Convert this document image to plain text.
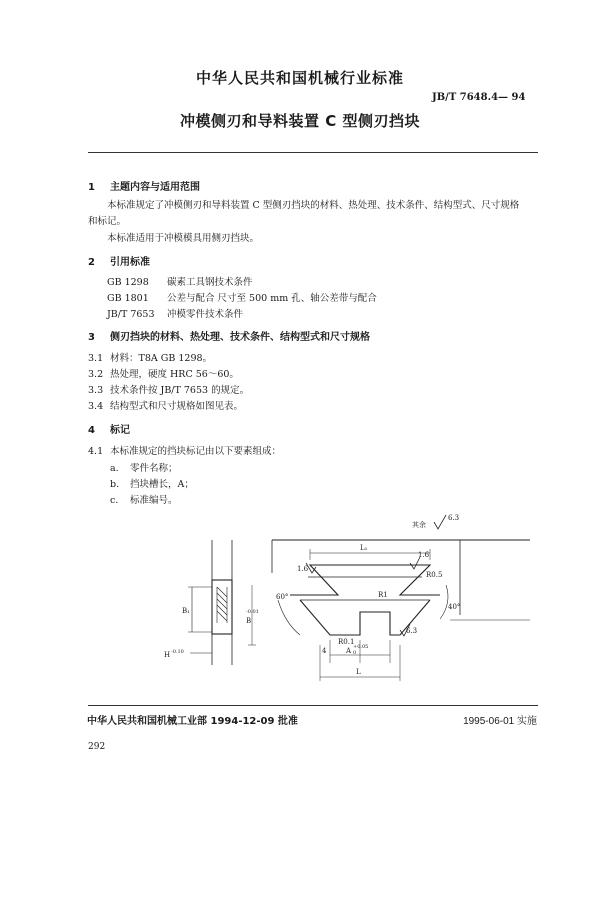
中华人民共和国机械行业标准
JB/T 7648.4— 94
冲模侧刃和导料装置 C 型侧刃挡块
1 主题内容与适用范围
本标准规定了冲模侧刃和导料装置 C 型侧刃挡块的材料、热处理、技术条件、结构型式、尺寸规格
和标记。
本标准适用于冲模模具用侧刃挡块。
2 引用标准
GB 1298 碳素工具钢技术条件
GB 1801 公差与配合 尺寸至 500 mm 孔、轴公差带与配合
JB/T 7653 冲模零件技术条件
3 侧刃挡块的材料、热处理、技术条件、结构型式和尺寸规格
3.1 材料：T8A GB 1298。
3.2 热处理，硬度 HRC 56～60。
3.3 技术条件按 JB/T 7653 的规定。
3.4 结构型式和尺寸规格如图见表。
4 标记
4.1 本标准规定的挡块标记由以下要素组成：
a. 零件名称；
b. 挡块槽长，A；
c. 标准编号。
其余
6.3
1.6
1.6
R0.5
R1
R0.1
6.3
60°
40°
L₁
L
A +0.05
0
4
B₁
B
-0.01
H -0.10
中华人民共和国机械工业部 1994-12-09 批准	1995-06-01 实施
292
